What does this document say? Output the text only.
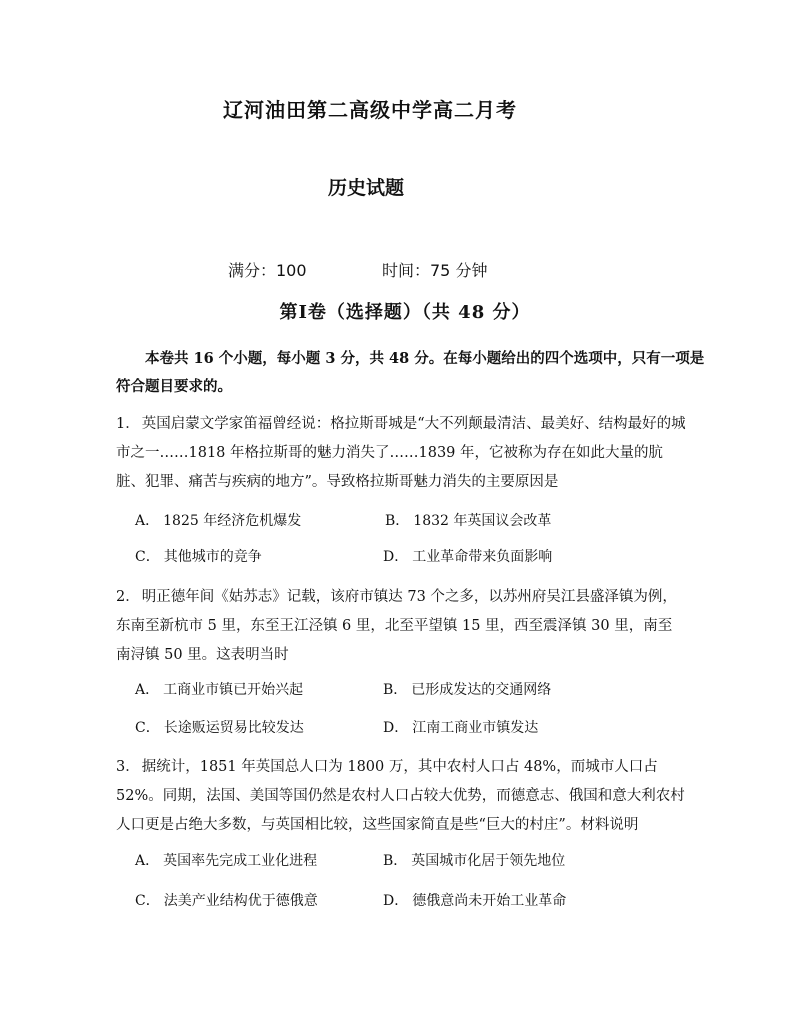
辽河油田第二高级中学高二月考
历史试题
满分：100	时间：75 分钟
第Ⅰ卷（选择题）（共 48 分）

本卷共 16 个小题，每小题 3 分，共 48 分。在每小题给出的四个选项中，只有一项是符合题目要求的。

1． 英国启蒙文学家笛福曾经说：格拉斯哥城是“大不列颠最清洁、最美好、结构最好的城市之一……1818 年格拉斯哥的魅力消失了……1839 年，它被称为存在如此大量的肮脏、犯罪、痛苦与疾病的地方”。导致格拉斯哥魅力消失的主要原因是

A． 1825 年经济危机爆发	B． 1832 年英国议会改革
C． 其他城市的竞争	D． 工业革命带来负面影响

2． 明正德年间《姑苏志》记载，该府市镇达 73 个之多，以苏州府吴江县盛泽镇为例，东南至新杭市 5 里，东至王江泾镇 6 里，北至平望镇 15 里，西至震泽镇 30 里，南至南浔镇 50 里。这表明当时

A． 工商业市镇已开始兴起	B． 已形成发达的交通网络
C． 长途贩运贸易比较发达	D． 江南工商业市镇发达

3． 据统计，1851 年英国总人口为 1800 万，其中农村人口占 48%，而城市人口占 52%。同期，法国、美国等国仍然是农村人口占较大优势，而德意志、俄国和意大利农村人口更是占绝大多数，与英国相比较，这些国家简直是些“巨大的村庄”。材料说明

A． 英国率先完成工业化进程	B． 英国城市化居于领先地位
C． 法美产业结构优于德俄意	D． 德俄意尚未开始工业革命
